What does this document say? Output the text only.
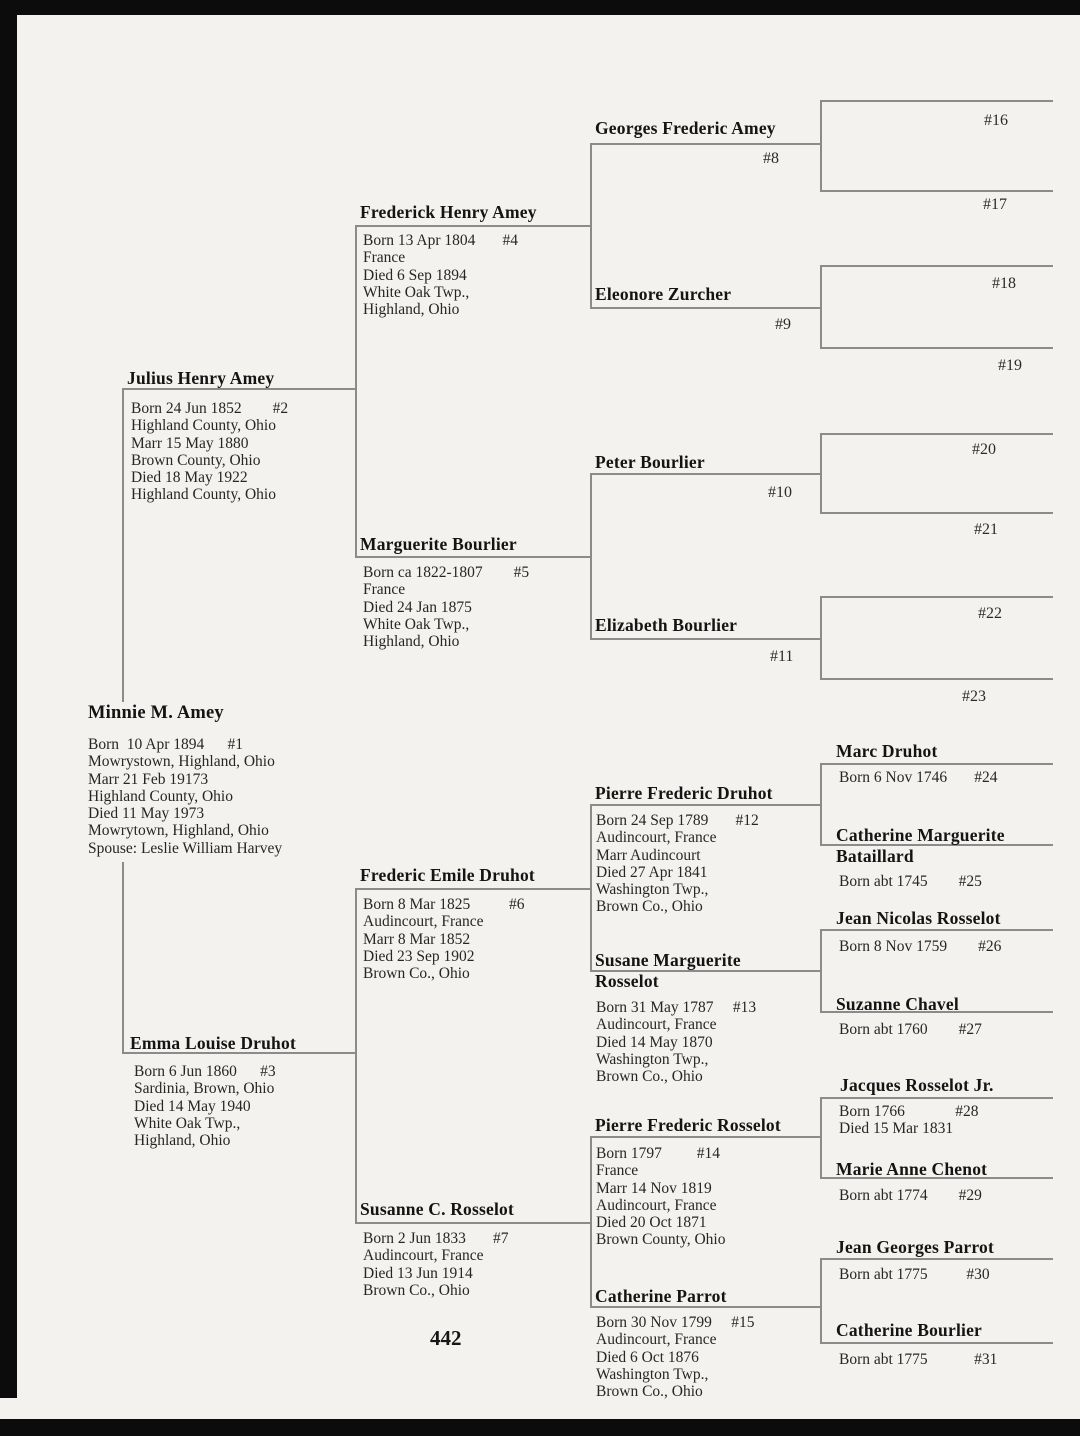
Minnie M. Amey
Born  10 Apr 1894      #1
Mowrystown, Highland, Ohio
Marr 21 Feb 19173
Highland County, Ohio
Died 11 May 1973
Mowrytown, Highland, Ohio
Spouse: Leslie William Harvey
Julius Henry Amey
Born 24 Jun 1852        #2
Highland County, Ohio
Marr 15 May 1880
Brown County, Ohio
Died 18 May 1922
Highland County, Ohio
Emma Louise Druhot
Born 6 Jun 1860      #3
Sardinia, Brown, Ohio
Died 14 May 1940
White Oak Twp.,
Highland, Ohio
Frederick Henry Amey
Born 13 Apr 1804       #4
France
Died 6 Sep 1894
White Oak Twp.,
Highland, Ohio
Marguerite Bourlier
Born ca 1822-1807        #5
France
Died 24 Jan 1875
White Oak Twp.,
Highland, Ohio
Frederic Emile Druhot
Born 8 Mar 1825          #6
Audincourt, France
Marr 8 Mar 1852
Died 23 Sep 1902
Brown Co., Ohio
Susanne C. Rosselot
Born 2 Jun 1833       #7
Audincourt, France
Died 13 Jun 1914
Brown Co., Ohio
Georges Frederic Amey
#8
Eleonore Zurcher
#9
Peter Bourlier
#10
Elizabeth Bourlier
#11
Pierre Frederic Druhot
Born 24 Sep 1789       #12
Audincourt, France
Marr Audincourt
Died 27 Apr 1841
Washington Twp.,
Brown Co., Ohio
Susane Marguerite
Rosselot
Born 31 May 1787     #13
Audincourt, France
Died 14 May 1870
Washington Twp.,
Brown Co., Ohio
Pierre Frederic Rosselot
Born 1797         #14
France
Marr 14 Nov 1819
Audincourt, France
Died 20 Oct 1871
Brown County, Ohio
Catherine Parrot
Born 30 Nov 1799     #15
Audincourt, France
Died 6 Oct 1876
Washington Twp.,
Brown Co., Ohio
#16
#17
#18
#19
#20
#21
#22
#23
Marc Druhot
Born 6 Nov 1746       #24
Catherine Marguerite
Bataillard
Born abt 1745        #25
Jean Nicolas Rosselot
Born 8 Nov 1759        #26
Suzanne Chavel
Born abt 1760        #27
Jacques Rosselot Jr.
Born 1766             #28
Died 15 Mar 1831
Marie Anne Chenot
Born abt 1774        #29
Jean Georges Parrot
Born abt 1775          #30
Catherine Bourlier
Born abt 1775            #31
442
